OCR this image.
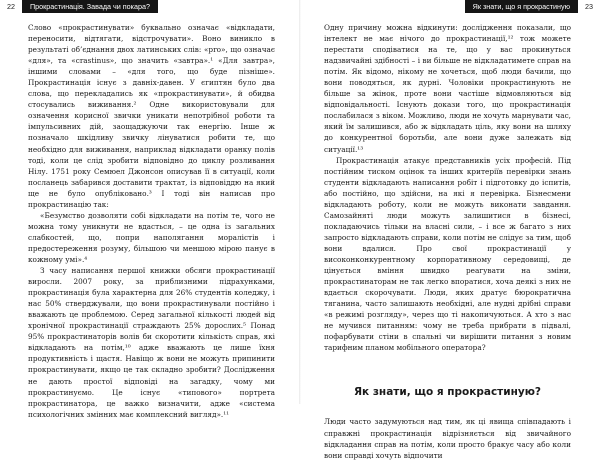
22	Прокрастинація. Завада чи покара?	Як знати, що я прокрастиную	23

Слово «прокрастинувати» буквально означає «відкладати, переносити, відтягати, відстрочувати». Воно виникло в результаті об’єднання двох латинських слів: «pro», що означає «для», та «crastinus», що значить «завтра».¹ «Для завтра», іншими словами – «для того, що буде пізніше». Прокрастинація існує з давніх-давен. У єгиптян було два слова, що перекладались як «прокрастинувати», й обидва стосувались виживання.² Одне використовували для означення корисної звички уникати непотрібної роботи та імпульсивних дій, заощаджуючи так енергію. Інше ж позначало шкідливу звичку лінуватися робити те, що необхідно для виживання, наприклад відкладати оранку полів тоді, коли це слід зробити відповідно до циклу розливання Нілу. 1751 року Семюел Джонсон описував її в ситуації, коли посланець забарився доставити трактат, із відповіддю на який ще не було опубліковано.³ І тоді він написав про прокрастинацію так:

«Безумство дозволяти собі відкладати на потім те, чого не можна тому уникнути не вдасться, – це одна із загальних слабкостей, що, попри наполягання моралістів і предостереження розуму, більшою чи меншою мірою панує в кожному умі».⁴

З часу написання першої книжки обсяги прокрастинації виросли. 2007 року, за приблизними підрахунками, прокрастинація була характерна для 26% студентів коледжу, і нас 50% стверджували, що вони прокрастинували постійно і вважають це проблемою. Серед загальної кількості людей від хронічної прокрастинації страждають 25% дорослих.⁵ Понад 95% прокрастинаторів волів би скоротити кількість справ, які відкладають на потім,¹⁰ адже вважають це лише їхня продуктивність і щастя. Навіщо ж вони не можуть припинити прокрастинувати, якщо це так складно зробити? Дослідження не дають простої відповіді на загадку, чому ми прокрастинуємо. Це існує «типового» портрета прокрастинатора, це важко визначити, адже «система психологічних змінних має комплексний вигляд».¹¹

Одну причину можна відкинути: дослідження показали, що інтелект не має нічого до прокрастинації,¹² тож можете перестати сподіватися на те, що у вас прокинуться надзвичайні здібності – і ви більше не відкладатимете справ на потім. Як відомо, нікому не хочеться, щоб люди бачили, що вони поводяться, як дурні. Чоловіки прокрастинують не більше за жінок, проте вони частіше відмовляються від відповідальності. Існують докази того, що прокрастинація послабилася з віком. Можливо, люди не хочуть марнувати час, який їм залишився, або ж відкладать ціль, яку вони на шляху до конкурентної боротьби, але вони дуже залежать від ситуації.¹³

Прокрастинація атакує представників усіх професій. Під постійним тиском оцінок та інших критеріїв перевірки знань студенти відкладають написання робіт і підготовку до іспитів, або постійно, що здійсни, на які я перевірка. Бізнесмени відкладають роботу, коли не можуть виконати завдання. Самозайняті люди можуть залишитися в бізнесі, покладаючись тільки на власні сили, – і все ж багато з них запросто відкладають справи, коли потім не слідує за тим, щоб вони вдалися. Про свої прокрастинації у високонконкурентному корпоративному середовищі, де цінується вміння швидко реагувати на зміни, прокрастинаторам не так легко впоратися, хоча деякі з них не вдається скорочувати. Люди, яких дратує бюрократична тяганина, часто залишають необхідні, але нудні дрібні справи «в режимі розгляду», через що ті накопичуються. А хто з нас не мучився питанням: чому не треба прибрати в підвалі, пофарбувати стіни в спальні чи вирішити питання з новим тарифним планом мобільного оператора?

Як знати, що я прокрастиную?

Люди часто задумуються над тим, як ці явища співпадають і справжні прокрастинація відрізняється від звичайного відкладання справ на потім, коли просто бракує часу або коли вони справді хочуть відпочити
